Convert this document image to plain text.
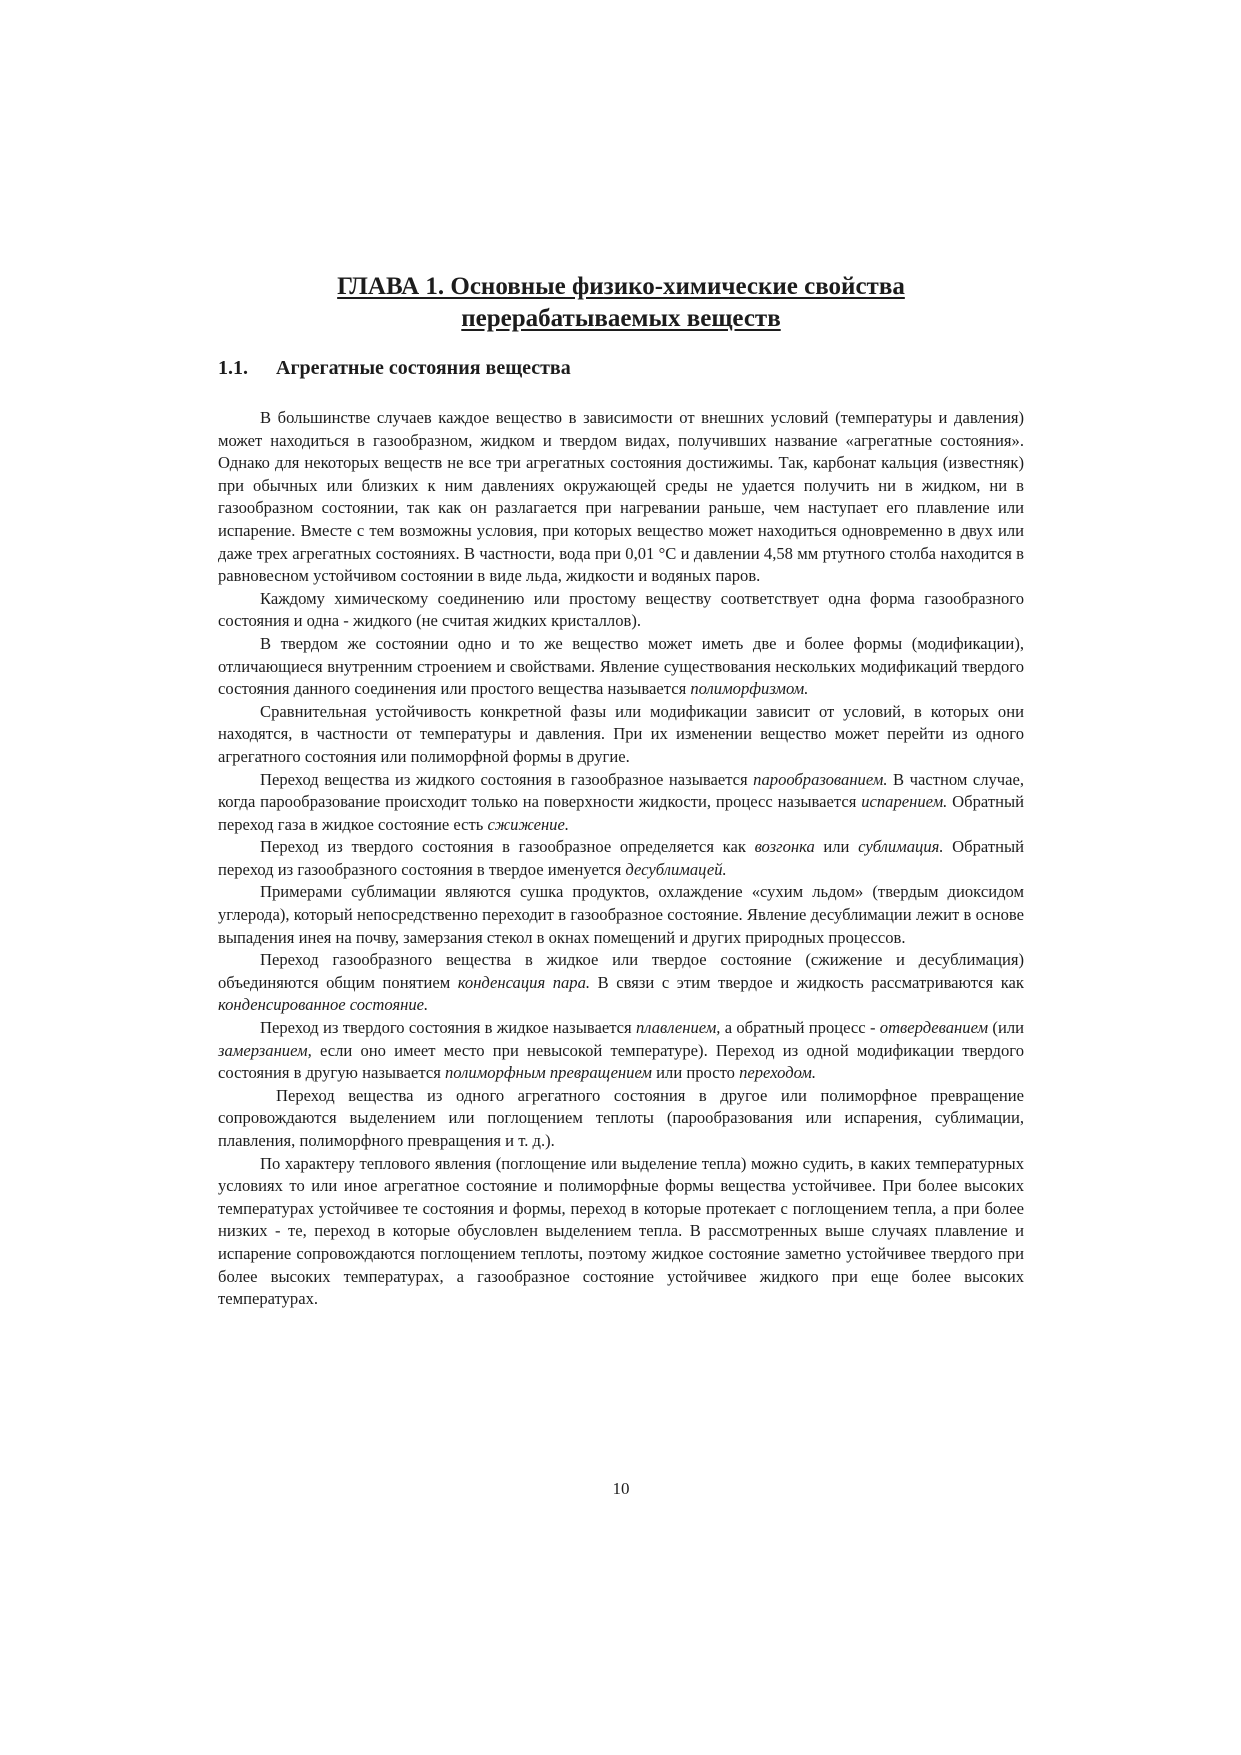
ГЛАВА 1. Основные физико-химические свойства
перерабатываемых веществ
1.1. Агрегатные состояния вещества

В большинстве случаев каждое вещество в зависимости от внешних условий (температуры и давления) может находиться в газообразном, жидком и твердом видах, получивших название «агрегатные состояния». Однако для некоторых веществ не все три агрегатных состояния достижимы. Так, карбонат кальция (известняк) при обычных или близких к ним давлениях окружающей среды не удается получить ни в жидком, ни в газообразном состоянии, так как он разлагается при нагревании раньше, чем наступает его плавление или испарение. Вместе с тем возможны условия, при которых вещество может находиться одновременно в двух или даже трех агрегатных состояниях. В частности, вода при 0,01 °С и давлении 4,58 мм ртутного столба находится в равновесном устойчивом состоянии в виде льда, жидкости и водяных паров.

Каждому химическому соединению или простому веществу соответствует одна форма газообразного состояния и одна - жидкого (не считая жидких кристаллов).

В твердом же состоянии одно и то же вещество может иметь две и более формы (модификации), отличающиеся внутренним строением и свойствами. Явление существования нескольких модификаций твердого состояния данного соединения или простого вещества называется полиморфизмом.

Сравнительная устойчивость конкретной фазы или модификации зависит от условий, в которых они находятся, в частности от температуры и давления. При их изменении вещество может перейти из одного агрегатного состояния или полиморфной формы в другие.

Переход вещества из жидкого состояния в газообразное называется парообразованием. В частном случае, когда парообразование происходит только на поверхности жидкости, процесс называется испарением. Обратный переход газа в жидкое состояние есть сжижение.

Переход из твердого состояния в газообразное определяется как возгонка или сублимация. Обратный переход из газообразного состояния в твердое именуется десублимацей.

Примерами сублимации являются сушка продуктов, охлаждение «сухим льдом» (твердым диоксидом углерода), который непосредственно переходит в газообразное состояние. Явление десублимации лежит в основе выпадения инея на почву, замерзания стекол в окнах помещений и других природных процессов.

Переход газообразного вещества в жидкое или твердое состояние (сжижение и десублимация) объединяются общим понятием конденсация пара. В связи с этим твердое и жидкость рассматриваются как конденсированное состояние.

Переход из твердого состояния в жидкое называется плавлением, а обратный процесс - отвердеванием (или замерзанием, если оно имеет место при невысокой температуре). Переход из одной модификации твердого состояния в другую называется полиморфным превращением или просто переходом.

Переход вещества из одного агрегатного состояния в другое или полиморфное превращение сопровождаются выделением или поглощением теплоты (парообразования или испарения, сублимации, плавления, полиморфного превращения и т. д.).

По характеру теплового явления (поглощение или выделение тепла) можно судить, в каких температурных условиях то или иное агрегатное состояние и полиморфные формы вещества устойчивее. При более высоких температурах устойчивее те состояния и формы, переход в которые протекает с поглощением тепла, а при более низких - те, переход в которые обусловлен выделением тепла. В рассмотренных выше случаях плавление и испарение сопровождаются поглощением теплоты, поэтому жидкое состояние заметно устойчивее твердого при более высоких температурах, а газообразное состояние устойчивее жидкого при еще более высоких температурах.

10
